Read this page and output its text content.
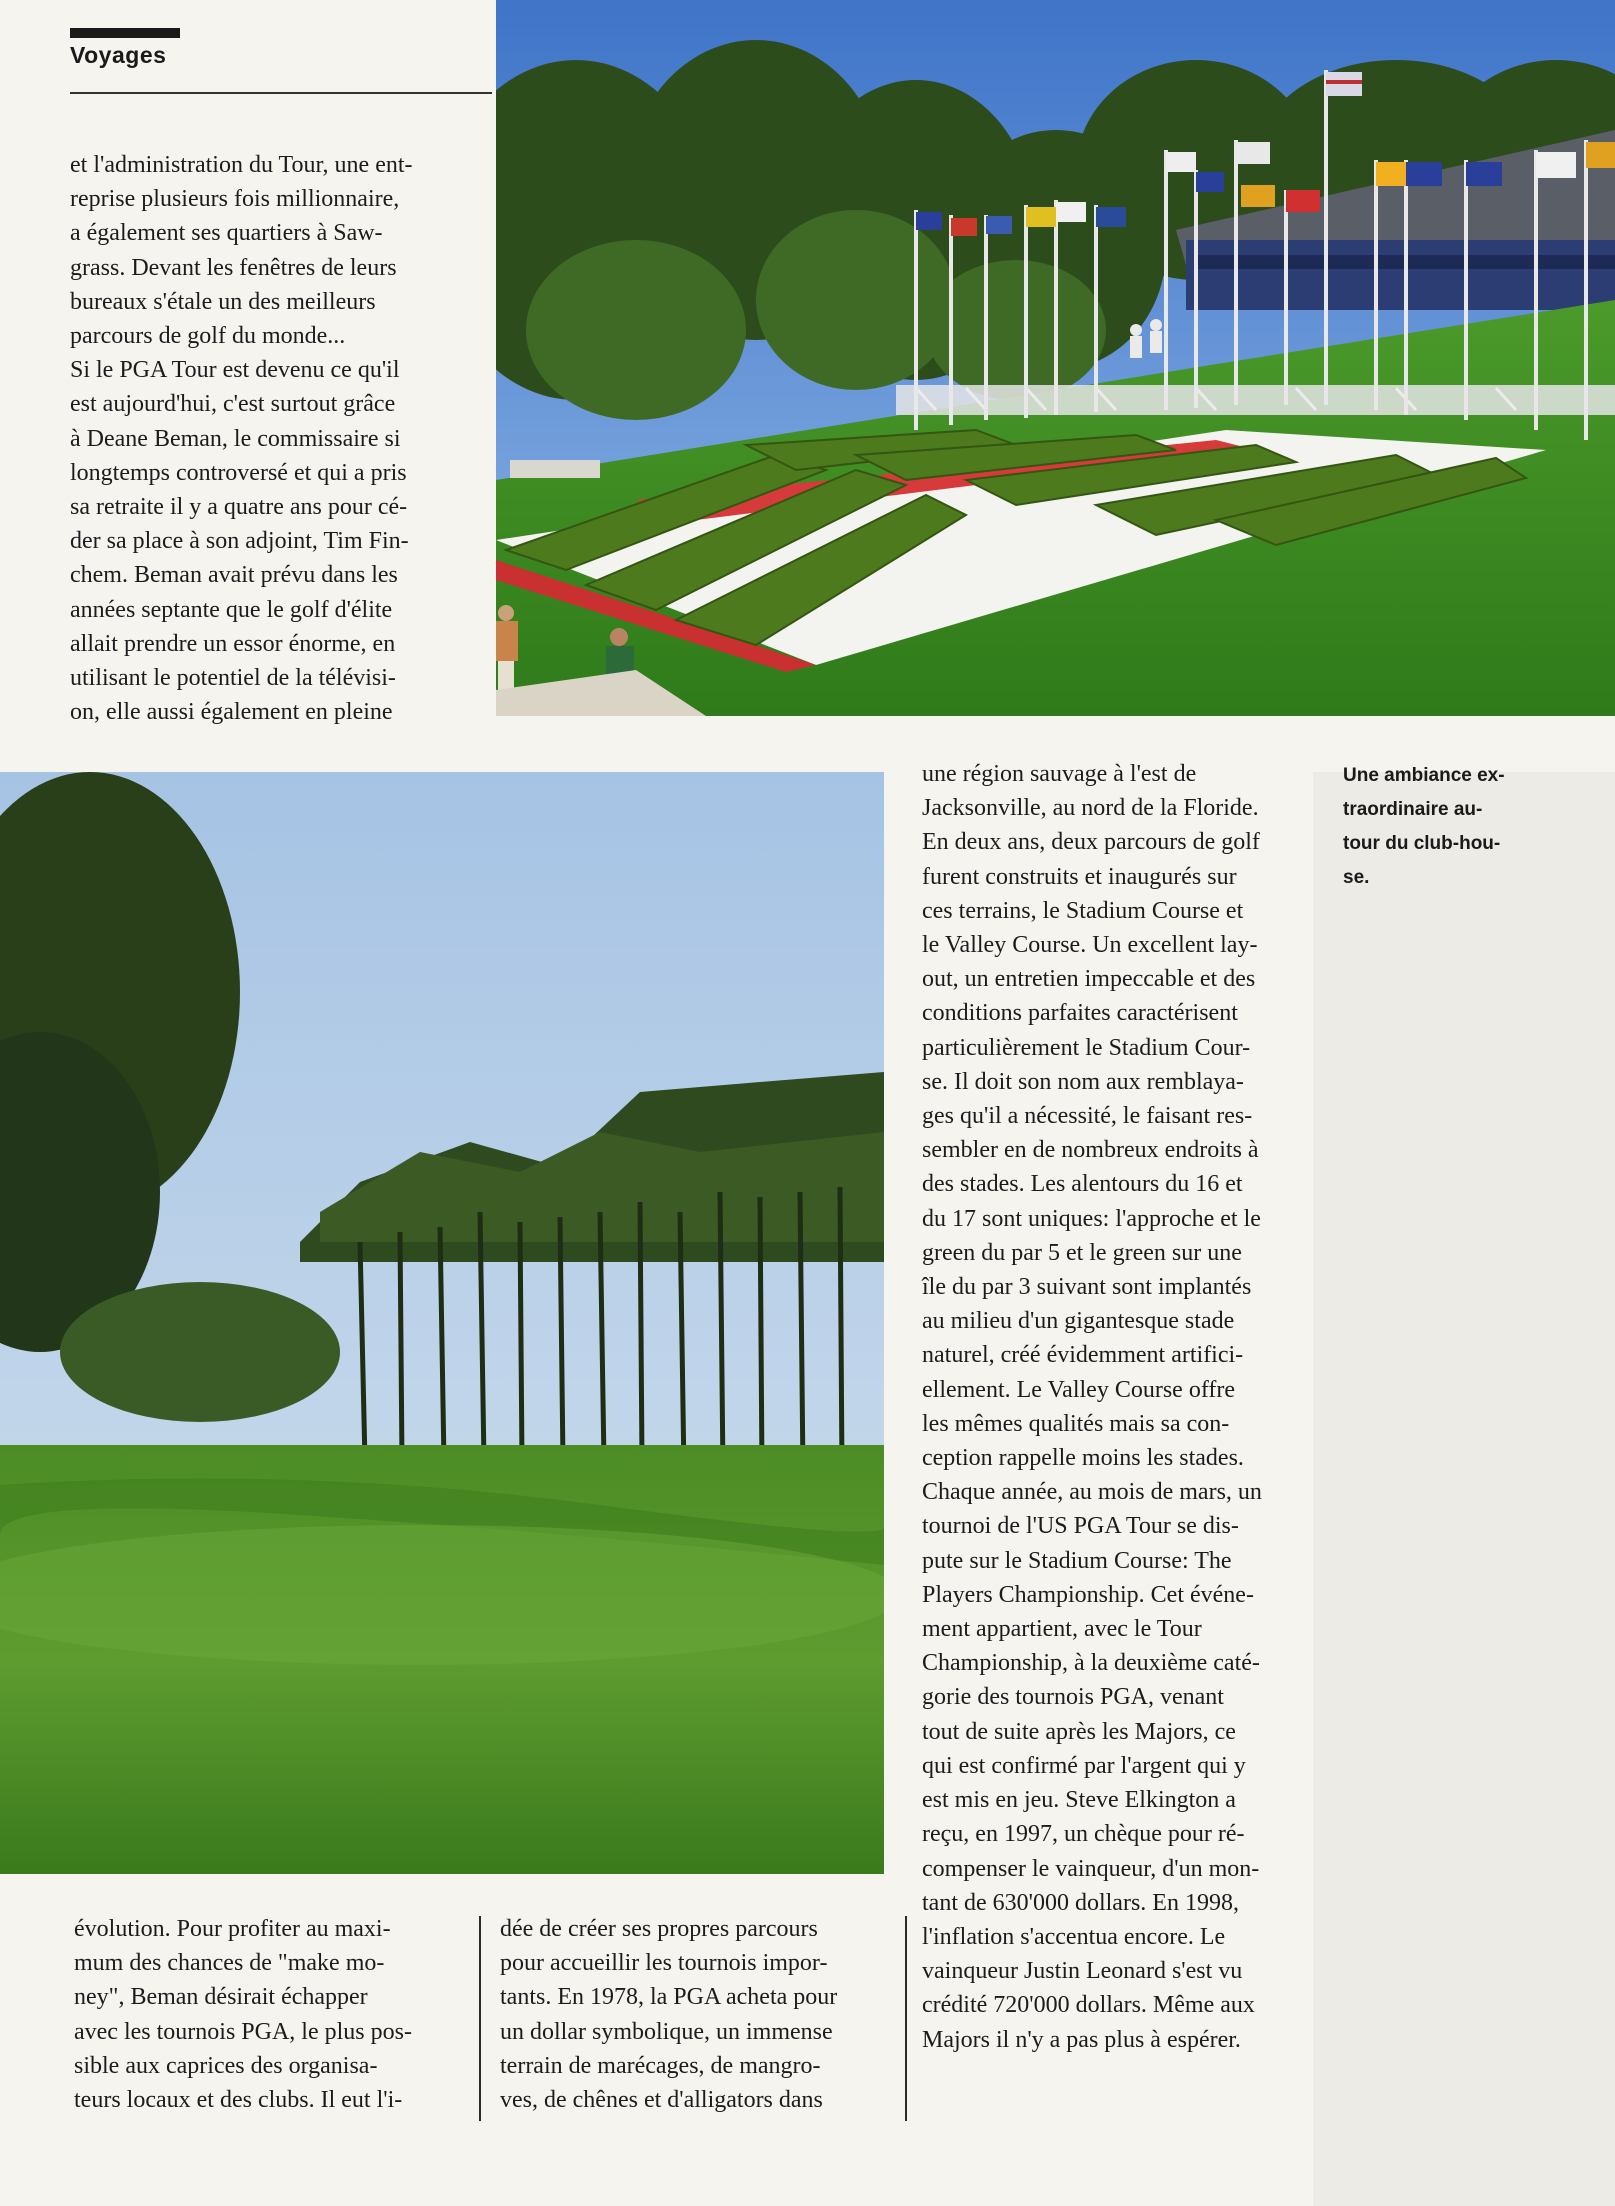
Voyages

et l'administration du Tour, une ent-

reprise plusieurs fois millionnaire,

a également ses quartiers à Saw-

grass. Devant les fenêtres de leurs

bureaux s'étale un des meilleurs

parcours de golf du monde...

Si le PGA Tour est devenu ce qu'il

est aujourd'hui, c'est surtout grâce

à Deane Beman, le commissaire si

longtemps controversé et qui a pris

sa retraite il y a quatre ans pour cé-

der sa place à son adjoint, Tim Fin-

chem. Beman avait prévu dans les

années septante que le golf d'élite

allait prendre un essor énorme, en

utilisant le potentiel de la télévisi-

on, elle aussi également en pleine

Une ambiance ex-
traordinaire au-
tour du club-hou-
se.

une région sauvage à l'est de

Jacksonville, au nord de la Floride.

En deux ans, deux parcours de golf

furent construits et inaugurés sur

ces terrains, le Stadium Course et

le Valley Course. Un excellent lay-

out, un entretien impeccable et des

conditions parfaites caractérisent

particulièrement le Stadium Cour-

se. Il doit son nom aux remblaya-

ges qu'il a nécessité, le faisant res-

sembler en de nombreux endroits à

des stades. Les alentours du 16 et

du 17 sont uniques: l'approche et le

green du par 5 et le green sur une

île du par 3 suivant sont implantés

au milieu d'un gigantesque stade

naturel, créé évidemment artifici-

ellement. Le Valley Course offre

les mêmes qualités mais sa con-

ception rappelle moins les stades.

Chaque année, au mois de mars, un

tournoi de l'US PGA Tour se dis-

pute sur le Stadium Course: The

Players Championship. Cet événe-

ment appartient, avec le Tour

Championship, à la deuxième caté-

gorie des tournois PGA, venant

tout de suite après les Majors, ce

qui est confirmé par l'argent qui y

est mis en jeu. Steve Elkington a

reçu, en 1997, un chèque pour ré-

compenser le vainqueur, d'un mon-

tant de 630'000 dollars. En 1998,

l'inflation s'accentua encore. Le

vainqueur Justin Leonard s'est vu

crédité 720'000 dollars. Même aux

Majors il n'y a pas plus à espérer.

évolution. Pour profiter au maxi-

mum des chances de "make mo-

ney", Beman désirait échapper

avec les tournois PGA, le plus pos-

sible aux caprices des organisa-

teurs locaux et des clubs. Il eut l'i-

dée de créer ses propres parcours

pour accueillir les tournois impor-

tants. En 1978, la PGA acheta pour

un dollar symbolique, un immense

terrain de marécages, de mangro-

ves, de chênes et d'alligators dans
